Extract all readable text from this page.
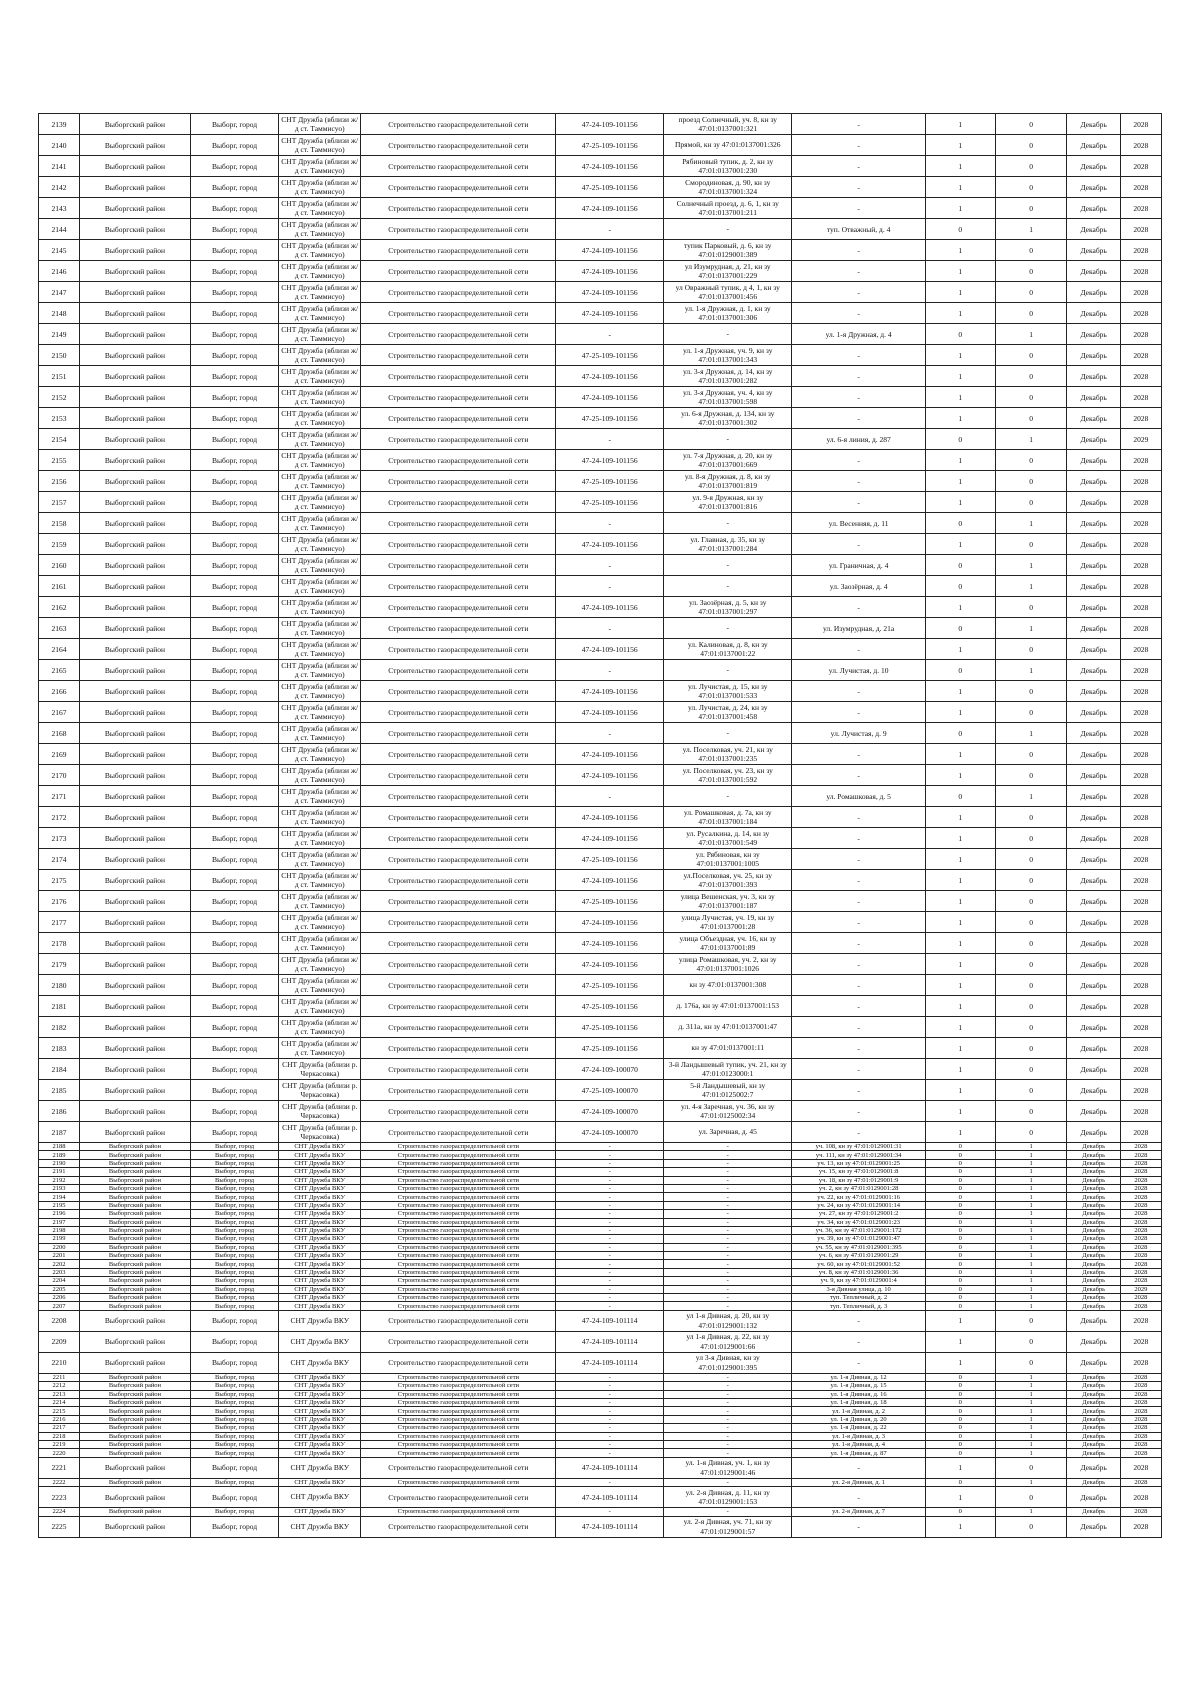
2139	Выборгский район	Выборг, город	СНТ Дружба (вблизи ж/д ст. Таммисуо)	Строительство газораспределительной сети	47-24-109-101156	проезд Солнечный, уч. 8, кн зу 47:01:0137001:321	-	1	0	Декабрь	2028
2140	Выборгский район	Выборг, город	СНТ Дружба (вблизи ж/д ст. Таммисуо)	Строительство газораспределительной сети	47-25-109-101156	Прямой, кн зу 47:01:0137001:326	-	1	0	Декабрь	2028
2141	Выборгский район	Выборг, город	СНТ Дружба (вблизи ж/д ст. Таммисуо)	Строительство газораспределительной сети	47-24-109-101156	Рябиновый тупик, д. 2, кн зу 47:01:0137001:230	-	1	0	Декабрь	2028
2142	Выборгский район	Выборг, город	СНТ Дружба (вблизи ж/д ст. Таммисуо)	Строительство газораспределительной сети	47-25-109-101156	Смородиновая, д. 90, кн зу 47:01:0137001:324	-	1	0	Декабрь	2028
2143	Выборгский район	Выборг, город	СНТ Дружба (вблизи ж/д ст. Таммисуо)	Строительство газораспределительной сети	47-24-109-101156	Солнечный проезд, д. 6, 1, кн зу 47:01:0137001:211	-	1	0	Декабрь	2028
2144	Выборгский район	Выборг, город	СНТ Дружба (вблизи ж/д ст. Таммисуо)	Строительство газораспределительной сети	-	-	туп. Отважный, д. 4	0	1	Декабрь	2028
2145	Выборгский район	Выборг, город	СНТ Дружба (вблизи ж/д ст. Таммисуо)	Строительство газораспределительной сети	47-24-109-101156	тупик Парковый, д. 6, кн зу 47:01:0129001:389	-	1	0	Декабрь	2028
2146	Выборгский район	Выборг, город	СНТ Дружба (вблизи ж/д ст. Таммисуо)	Строительство газораспределительной сети	47-24-109-101156	ул Изумрудная, д. 21, кн зу 47:01:0137001:229	-	1	0	Декабрь	2028
2147	Выборгский район	Выборг, город	СНТ Дружба (вблизи ж/д ст. Таммисуо)	Строительство газораспределительной сети	47-24-109-101156	ул Овражный тупик, д 4, 1, кн зу 47:01:0137001:456	-	1	0	Декабрь	2028
2148	Выборгский район	Выборг, город	СНТ Дружба (вблизи ж/д ст. Таммисуо)	Строительство газораспределительной сети	47-24-109-101156	ул. 1-я Дружная, д. 1, кн зу 47:01:0137001:306	-	1	0	Декабрь	2028
2149	Выборгский район	Выборг, город	СНТ Дружба (вблизи ж/д ст. Таммисуо)	Строительство газораспределительной сети	-	-	ул. 1-я Дружная, д. 4	0	1	Декабрь	2028
2150	Выборгский район	Выборг, город	СНТ Дружба (вблизи ж/д ст. Таммисуо)	Строительство газораспределительной сети	47-25-109-101156	ул. 1-я Дружная, уч. 9, кн зу 47:01:0137001:343	-	1	0	Декабрь	2028
2151	Выборгский район	Выборг, город	СНТ Дружба (вблизи ж/д ст. Таммисуо)	Строительство газораспределительной сети	47-24-109-101156	ул. 3-я Дружная, д. 14, кн зу 47:01:0137001:282	-	1	0	Декабрь	2028
2152	Выборгский район	Выборг, город	СНТ Дружба (вблизи ж/д ст. Таммисуо)	Строительство газораспределительной сети	47-24-109-101156	ул. 3-я Дружная, уч. 4, кн зу 47:01:0137001:598	-	1	0	Декабрь	2028
2153	Выборгский район	Выборг, город	СНТ Дружба (вблизи ж/д ст. Таммисуо)	Строительство газораспределительной сети	47-25-109-101156	ул. 6-я Дружная, д. 134, кн зу 47:01:0137001:302	-	1	0	Декабрь	2028
2154	Выборгский район	Выборг, город	СНТ Дружба (вблизи ж/д ст. Таммисуо)	Строительство газораспределительной сети	-	-	ул. 6-я линия, д. 287	0	1	Декабрь	2029
2155	Выборгский район	Выборг, город	СНТ Дружба (вблизи ж/д ст. Таммисуо)	Строительство газораспределительной сети	47-24-109-101156	ул. 7-я Дружная, д. 20, кн зу 47:01:0137001:669	-	1	0	Декабрь	2028
2156	Выборгский район	Выборг, город	СНТ Дружба (вблизи ж/д ст. Таммисуо)	Строительство газораспределительной сети	47-25-109-101156	ул. 8-я Дружная, д. 8, кн зу 47:01:0137001:819	-	1	0	Декабрь	2028
2157	Выборгский район	Выборг, город	СНТ Дружба (вблизи ж/д ст. Таммисуо)	Строительство газораспределительной сети	47-25-109-101156	ул. 9-я Дружная, кн зу 47:01:0137001:816	-	1	0	Декабрь	2028
2158	Выборгский район	Выборг, город	СНТ Дружба (вблизи ж/д ст. Таммисуо)	Строительство газораспределительной сети	-	-	ул. Весенняя, д. 11	0	1	Декабрь	2028
2159	Выборгский район	Выборг, город	СНТ Дружба (вблизи ж/д ст. Таммисуо)	Строительство газораспределительной сети	47-24-109-101156	ул. Главная, д. 35, кн зу 47:01:0137001:284	-	1	0	Декабрь	2028
2160	Выборгский район	Выборг, город	СНТ Дружба (вблизи ж/д ст. Таммисуо)	Строительство газораспределительной сети	-	-	ул. Граничная, д. 4	0	1	Декабрь	2028
2161	Выборгский район	Выборг, город	СНТ Дружба (вблизи ж/д ст. Таммисуо)	Строительство газораспределительной сети	-	-	ул. Заозёрная, д. 4	0	1	Декабрь	2028
2162	Выборгский район	Выборг, город	СНТ Дружба (вблизи ж/д ст. Таммисуо)	Строительство газораспределительной сети	47-24-109-101156	ул. Заозёрная, д. 5, кн зу 47:01:0137001:297	-	1	0	Декабрь	2028
2163	Выборгский район	Выборг, город	СНТ Дружба (вблизи ж/д ст. Таммисуо)	Строительство газораспределительной сети	-	-	ул. Изумрудная, д. 21а	0	1	Декабрь	2028
2164	Выборгский район	Выборг, город	СНТ Дружба (вблизи ж/д ст. Таммисуо)	Строительство газораспределительной сети	47-24-109-101156	ул. Калиновая, д. 8, кн зу 47:01:0137001:22	-	1	0	Декабрь	2028
2165	Выборгский район	Выборг, город	СНТ Дружба (вблизи ж/д ст. Таммисуо)	Строительство газораспределительной сети	-	-	ул. Лучистая, д. 10	0	1	Декабрь	2028
2166	Выборгский район	Выборг, город	СНТ Дружба (вблизи ж/д ст. Таммисуо)	Строительство газораспределительной сети	47-24-109-101156	ул. Лучистая, д. 15, кн зу 47:01:0137001:533	-	1	0	Декабрь	2028
2167	Выборгский район	Выборг, город	СНТ Дружба (вблизи ж/д ст. Таммисуо)	Строительство газораспределительной сети	47-24-109-101156	ул. Лучистая, д. 24, кн зу 47:01:0137001:458	-	1	0	Декабрь	2028
2168	Выборгский район	Выборг, город	СНТ Дружба (вблизи ж/д ст. Таммисуо)	Строительство газораспределительной сети	-	-	ул. Лучистая, д. 9	0	1	Декабрь	2028
2169	Выборгский район	Выборг, город	СНТ Дружба (вблизи ж/д ст. Таммисуо)	Строительство газораспределительной сети	47-24-109-101156	ул. Поселковая, уч. 21, кн зу 47:01:0137001:235	-	1	0	Декабрь	2028
2170	Выборгский район	Выборг, город	СНТ Дружба (вблизи ж/д ст. Таммисуо)	Строительство газораспределительной сети	47-24-109-101156	ул. Поселковая, уч. 23, кн зу 47:01:0137001:592	-	1	0	Декабрь	2028
2171	Выборгский район	Выборг, город	СНТ Дружба (вблизи ж/д ст. Таммисуо)	Строительство газораспределительной сети	-	-	ул. Ромашковая, д. 5	0	1	Декабрь	2028
2172	Выборгский район	Выборг, город	СНТ Дружба (вблизи ж/д ст. Таммисуо)	Строительство газораспределительной сети	47-24-109-101156	ул. Ромашковая, д. 7а, кн зу 47:01:0137001:184	-	1	0	Декабрь	2028
2173	Выборгский район	Выборг, город	СНТ Дружба (вблизи ж/д ст. Таммисуо)	Строительство газораспределительной сети	47-24-109-101156	ул. Русалкина, д. 14, кн зу 47:01:0137001:549	-	1	0	Декабрь	2028
2174	Выборгский район	Выборг, город	СНТ Дружба (вблизи ж/д ст. Таммисуо)	Строительство газораспределительной сети	47-25-109-101156	ул. Рябиновая, кн зу 47:01:0137001:1005	-	1	0	Декабрь	2028
2175	Выборгский район	Выборг, город	СНТ Дружба (вблизи ж/д ст. Таммисуо)	Строительство газораспределительной сети	47-24-109-101156	ул.Поселковая, уч. 25, кн зу 47:01:0137001:393	-	1	0	Декабрь	2028
2176	Выборгский район	Выборг, город	СНТ Дружба (вблизи ж/д ст. Таммисуо)	Строительство газораспределительной сети	47-25-109-101156	улица Вешенская, уч. 3, кн зу 47:01:0137001:187	-	1	0	Декабрь	2028
2177	Выборгский район	Выборг, город	СНТ Дружба (вблизи ж/д ст. Таммисуо)	Строительство газораспределительной сети	47-24-109-101156	улица Лучистая, уч. 19, кн зу 47:01:0137001:28	-	1	0	Декабрь	2028
2178	Выборгский район	Выборг, город	СНТ Дружба (вблизи ж/д ст. Таммисуо)	Строительство газораспределительной сети	47-24-109-101156	улица Объездная, уч. 16, кн зу 47:01:0137001:89	-	1	0	Декабрь	2028
2179	Выборгский район	Выборг, город	СНТ Дружба (вблизи ж/д ст. Таммисуо)	Строительство газораспределительной сети	47-24-109-101156	улица Ромашковая, уч. 2, кн зу 47:01:0137001:1026	-	1	0	Декабрь	2028
2180	Выборгский район	Выборг, город	СНТ Дружба (вблизи ж/д ст. Таммисуо)	Строительство газораспределительной сети	47-25-109-101156	кн зу 47:01:0137001:308	-	1	0	Декабрь	2028
2181	Выборгский район	Выборг, город	СНТ Дружба (вблизи ж/д ст. Таммисуо)	Строительство газораспределительной сети	47-25-109-101156	д. 176а, кн зу 47:01:0137001:153	-	1	0	Декабрь	2028
2182	Выборгский район	Выборг, город	СНТ Дружба (вблизи ж/д ст. Таммисуо)	Строительство газораспределительной сети	47-25-109-101156	д. 311а, кн зу 47:01:0137001:47	-	1	0	Декабрь	2028
2183	Выборгский район	Выборг, город	СНТ Дружба (вблизи ж/д ст. Таммисуо)	Строительство газораспределительной сети	47-25-109-101156	кн зу 47:01:0137001:11	-	1	0	Декабрь	2028
2184	Выборгский район	Выборг, город	СНТ Дружба (вблизи р. Черкасовка)	Строительство газораспределительной сети	47-24-109-100070	3-й Ландышевый тупик, уч. 21, кн зу 47:01:0123000:1	-	1	0	Декабрь	2028
2185	Выборгский район	Выборг, город	СНТ Дружба (вблизи р. Черкасовка)	Строительство газораспределительной сети	47-25-109-100070	5-й Ландышевый, кн зу 47:01:0125002:7	-	1	0	Декабрь	2028
2186	Выборгский район	Выборг, город	СНТ Дружба (вблизи р. Черкасовка)	Строительство газораспределительной сети	47-24-109-100070	ул. 4-я Заречная, уч. 36, кн зу 47:01:0125002:34	-	1	0	Декабрь	2028
2187	Выборгский район	Выборг, город	СНТ Дружба (вблизи р. Черкасовка)	Строительство газораспределительной сети	47-24-109-100070	ул. Заречная, д. 45	-	1	0	Декабрь	2028
2188	Выборгский район	Выборг, город	СНТ Дружба ВКУ	Строительство газораспределительной сети	-	-	уч. 108, кн зу 47:01:0129001:31	0	1	Декабрь	2028
2189	Выборгский район	Выборг, город	СНТ Дружба ВКУ	Строительство газораспределительной сети	-	-	уч. 111, кн зу 47:01:0129001:34	0	1	Декабрь	2028
2190	Выборгский район	Выборг, город	СНТ Дружба ВКУ	Строительство газораспределительной сети	-	-	уч. 13, кн зу 47:01:0129001:25	0	1	Декабрь	2028
2191	Выборгский район	Выборг, город	СНТ Дружба ВКУ	Строительство газораспределительной сети	-	-	уч. 15, кн зу 47:01:0129001:8	0	1	Декабрь	2028
2192	Выборгский район	Выборг, город	СНТ Дружба ВКУ	Строительство газораспределительной сети	-	-	уч. 18, кн зу 47:01:0129001:9	0	1	Декабрь	2028
2193	Выборгский район	Выборг, город	СНТ Дружба ВКУ	Строительство газораспределительной сети	-	-	уч. 2, кн зу 47:01:0129001:28	0	1	Декабрь	2028
2194	Выборгский район	Выборг, город	СНТ Дружба ВКУ	Строительство газораспределительной сети	-	-	уч. 22, кн зу 47:01:0129001:16	0	1	Декабрь	2028
2195	Выборгский район	Выборг, город	СНТ Дружба ВКУ	Строительство газораспределительной сети	-	-	уч. 24, кн зу 47:01:0129001:14	0	1	Декабрь	2028
2196	Выборгский район	Выборг, город	СНТ Дружба ВКУ	Строительство газораспределительной сети	-	-	уч. 27, кн зу 47:01:0129001:2	0	1	Декабрь	2028
2197	Выборгский район	Выборг, город	СНТ Дружба ВКУ	Строительство газораспределительной сети	-	-	уч. 34, кн зу 47:01:0129001:23	0	1	Декабрь	2028
2198	Выборгский район	Выборг, город	СНТ Дружба ВКУ	Строительство газораспределительной сети	-	-	уч. 36, кн зу 47:01:0129001:172	0	1	Декабрь	2028
2199	Выборгский район	Выборг, город	СНТ Дружба ВКУ	Строительство газораспределительной сети	-	-	уч. 39, кн зу 47:01:0129001:47	0	1	Декабрь	2028
2200	Выборгский район	Выборг, город	СНТ Дружба ВКУ	Строительство газораспределительной сети	-	-	уч. 55, кн зу 47:01:0129001:395	0	1	Декабрь	2028
2201	Выборгский район	Выборг, город	СНТ Дружба ВКУ	Строительство газораспределительной сети	-	-	уч. 6, кн зу 47:01:0129001:29	0	1	Декабрь	2028
2202	Выборгский район	Выборг, город	СНТ Дружба ВКУ	Строительство газораспределительной сети	-	-	уч. 60, кн зу 47:01:0129001:52	0	1	Декабрь	2028
2203	Выборгский район	Выборг, город	СНТ Дружба ВКУ	Строительство газораспределительной сети	-	-	уч. 8, кн зу 47:01:0129001:36	0	1	Декабрь	2028
2204	Выборгский район	Выборг, город	СНТ Дружба ВКУ	Строительство газораспределительной сети	-	-	уч. 9, кн зу 47:01:0129001:4	0	1	Декабрь	2028
2205	Выборгский район	Выборг, город	СНТ Дружба ВКУ	Строительство газораспределительной сети	-	-	3-я Дивная улица, д. 10	0	1	Декабрь	2029
2206	Выборгский район	Выборг, город	СНТ Дружба ВКУ	Строительство газораспределительной сети	-	-	туп. Тепличный, д. 2	0	1	Декабрь	2028
2207	Выборгский район	Выборг, город	СНТ Дружба ВКУ	Строительство газораспределительной сети	-	-	туп. Тепличный, д. 3	0	1	Декабрь	2028
2208	Выборгский район	Выборг, город	СНТ Дружба ВКУ	Строительство газораспределительной сети	47-24-109-101114	ул 1-я Дивная, д. 20, кн зу 47:01:0129001:132	-	1	0	Декабрь	2028
2209	Выборгский район	Выборг, город	СНТ Дружба ВКУ	Строительство газораспределительной сети	47-24-109-101114	ул 1-я Дивная, д. 22, кн зу 47:01:0129001:66	-	1	0	Декабрь	2028
2210	Выборгский район	Выборг, город	СНТ Дружба ВКУ	Строительство газораспределительной сети	47-24-109-101114	ул 3-я Дивная, кн зу 47:01:0129001:395	-	1	0	Декабрь	2028
2211	Выборгский район	Выборг, город	СНТ Дружба ВКУ	Строительство газораспределительной сети	-	-	ул. 1-я Дивная, д. 12	0	1	Декабрь	2028
2212	Выборгский район	Выборг, город	СНТ Дружба ВКУ	Строительство газораспределительной сети	-	-	ул. 1-я Дивная, д. 15	0	1	Декабрь	2028
2213	Выборгский район	Выборг, город	СНТ Дружба ВКУ	Строительство газораспределительной сети	-	-	ул. 1-я Дивная, д. 16	0	1	Декабрь	2028
2214	Выборгский район	Выборг, город	СНТ Дружба ВКУ	Строительство газораспределительной сети	-	-	ул. 1-я Дивная, д. 18	0	1	Декабрь	2028
2215	Выборгский район	Выборг, город	СНТ Дружба ВКУ	Строительство газораспределительной сети	-	-	ул. 1-я Дивная, д. 2	0	1	Декабрь	2028
2216	Выборгский район	Выборг, город	СНТ Дружба ВКУ	Строительство газораспределительной сети	-	-	ул. 1-я Дивная, д. 20	0	1	Декабрь	2028
2217	Выборгский район	Выборг, город	СНТ Дружба ВКУ	Строительство газораспределительной сети	-	-	ул. 1-я Дивная, д. 22	0	1	Декабрь	2028
2218	Выборгский район	Выборг, город	СНТ Дружба ВКУ	Строительство газораспределительной сети	-	-	ул. 1-я Дивная, д. 3	0	1	Декабрь	2028
2219	Выборгский район	Выборг, город	СНТ Дружба ВКУ	Строительство газораспределительной сети	-	-	ул. 1-я Дивная, д. 4	0	1	Декабрь	2028
2220	Выборгский район	Выборг, город	СНТ Дружба ВКУ	Строительство газораспределительной сети	-	-	ул. 1-я Дивная, д. 87	0	1	Декабрь	2028
2221	Выборгский район	Выборг, город	СНТ Дружба ВКУ	Строительство газораспределительной сети	47-24-109-101114	ул. 1-я Дивная, уч. 1, кн зу 47:01:0129001:46	-	1	0	Декабрь	2028
2222	Выборгский район	Выборг, город	СНТ Дружба ВКУ	Строительство газораспределительной сети	-	-	ул. 2-я Дивная, д. 1	0	1	Декабрь	2028
2223	Выборгский район	Выборг, город	СНТ Дружба ВКУ	Строительство газораспределительной сети	47-24-109-101114	ул. 2-я Дивная, д. 11, кн зу 47:01:0129001:153	-	1	0	Декабрь	2028
2224	Выборгский район	Выборг, город	СНТ Дружба ВКУ	Строительство газораспределительной сети	-	-	ул. 2-я Дивная, д. 7	0	1	Декабрь	2028
2225	Выборгский район	Выборг, город	СНТ Дружба ВКУ	Строительство газораспределительной сети	47-24-109-101114	ул. 2-я Дивная, уч. 71, кн зу 47:01:0129001:57	-	1	0	Декабрь	2028
